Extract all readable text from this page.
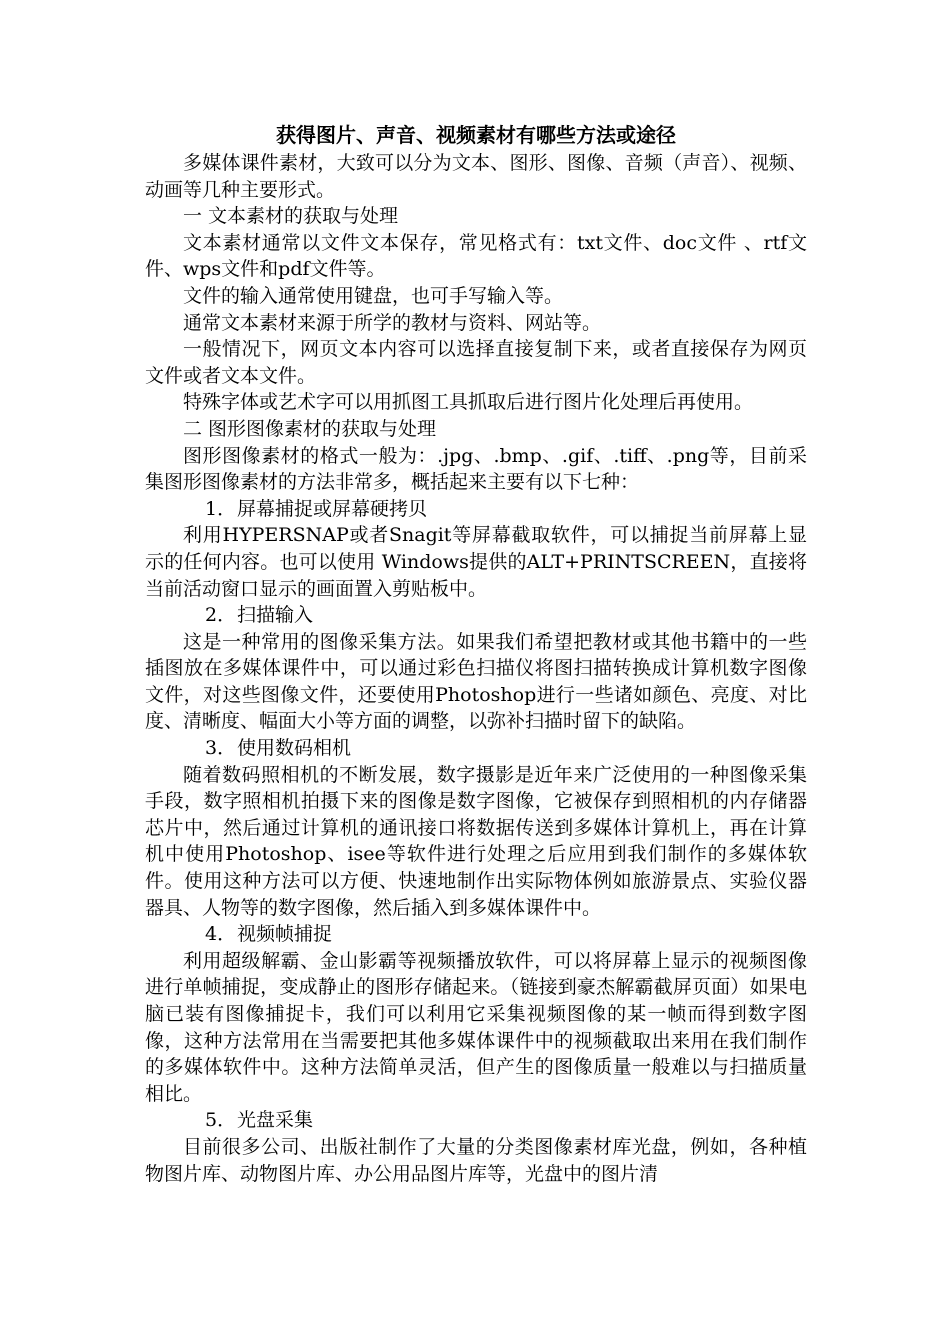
获得图片、声音、视频素材有哪些方法或途径

多媒体课件素材，大致可以分为文本、图形、图像、音频（声音）、视频、动画等几种主要形式。

一 文本素材的获取与处理

文本素材通常以文件文本保存，常见格式有：txt文件、doc文件 、rtf文件、wps文件和pdf文件等。

文件的输入通常使用键盘，也可手写输入等。

通常文本素材来源于所学的教材与资料、网站等。

一般情况下，网页文本内容可以选择直接复制下来，或者直接保存为网页文件或者文本文件。

特殊字体或艺术字可以用抓图工具抓取后进行图片化处理后再使用。

二 图形图像素材的获取与处理

图形图像素材的格式一般为：.jpg、.bmp、.gif、.tiff、.png等，目前采集图形图像素材的方法非常多，概括起来主要有以下七种：

1．屏幕捕捉或屏幕硬拷贝

利用HYPERSNAP或者Snagit等屏幕截取软件，可以捕捉当前屏幕上显示的任何内容。也可以使用 Windows提供的ALT+PRINTSCREEN，直接将当前活动窗口显示的画面置入剪贴板中。

2．扫描输入

这是一种常用的图像采集方法。如果我们希望把教材或其他书籍中的一些插图放在多媒体课件中，可以通过彩色扫描仪将图扫描转换成计算机数字图像文件，对这些图像文件，还要使用Photoshop进行一些诸如颜色、亮度、对比度、清晰度、幅面大小等方面的调整，以弥补扫描时留下的缺陷。

3．使用数码相机

随着数码照相机的不断发展，数字摄影是近年来广泛使用的一种图像采集手段，数字照相机拍摄下来的图像是数字图像，它被保存到照相机的内存储器芯片中，然后通过计算机的通讯接口将数据传送到多媒体计算机上，再在计算机中使用Photoshop、isee等软件进行处理之后应用到我们制作的多媒体软件。使用这种方法可以方便、快速地制作出实际物体例如旅游景点、实验仪器器具、人物等的数字图像，然后插入到多媒体课件中。

4．视频帧捕捉

利用超级解霸、金山影霸等视频播放软件，可以将屏幕上显示的视频图像进行单帧捕捉，变成静止的图形存储起来。（链接到豪杰解霸截屏页面）如果电脑已装有图像捕捉卡，我们可以利用它采集视频图像的某一帧而得到数字图像，这种方法常用在当需要把其他多媒体课件中的视频截取出来用在我们制作的多媒体软件中。这种方法简单灵活，但产生的图像质量一般难以与扫描质量相比。

5．光盘采集

目前很多公司、出版社制作了大量的分类图像素材库光盘，例如，各种植物图片库、动物图片库、办公用品图片库等，光盘中的图片清
